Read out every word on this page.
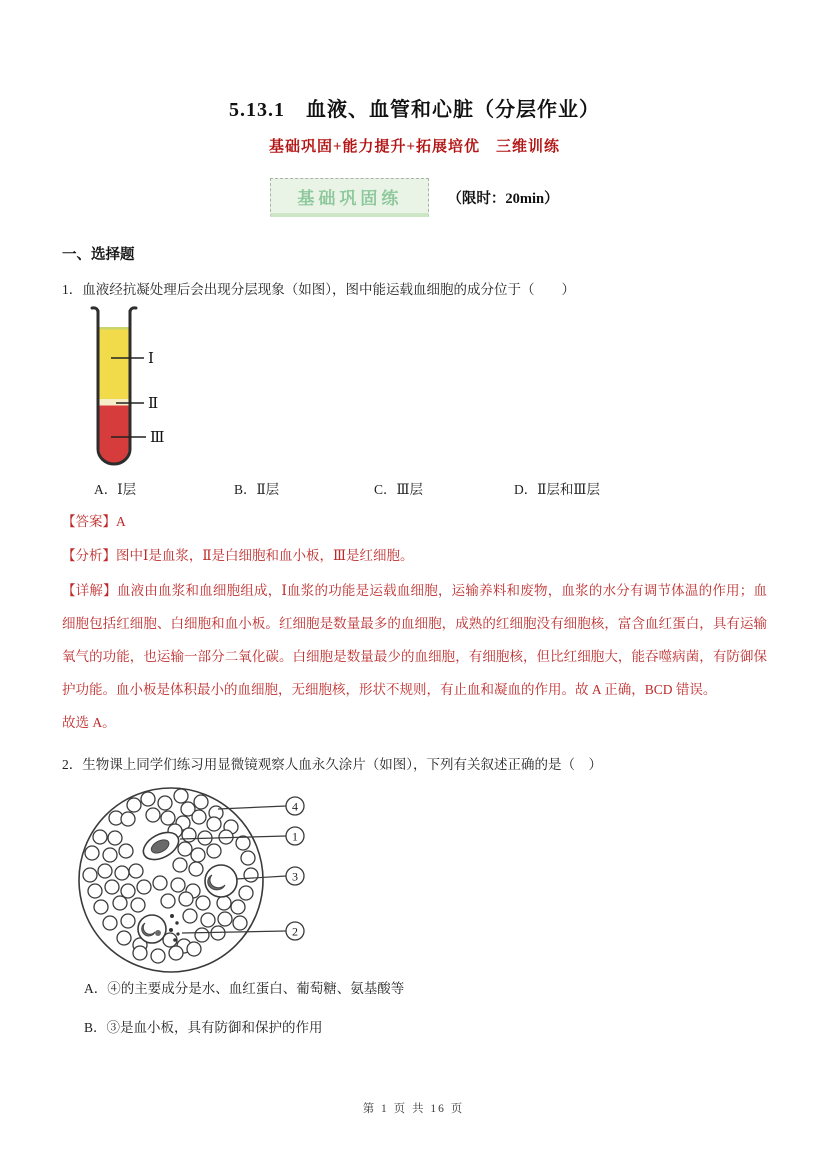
5.13.1　血液、血管和心脏（分层作业）
基础巩固+能力提升+拓展培优　三维训练
基础巩固练	（限时：20min）
一、选择题

1．血液经抗凝处理后会出现分层现象（如图），图中能运载血细胞的成分位于（　　）

Ⅰ
Ⅱ
Ⅲ
A．Ⅰ层	B．Ⅱ层	C．Ⅲ层	D．Ⅱ层和Ⅲ层

【答案】A

【分析】图中Ⅰ是血浆，Ⅱ是白细胞和血小板，Ⅲ是红细胞。

【详解】血液由血浆和血细胞组成，Ⅰ血浆的功能是运载血细胞，运输养料和废物，血浆的水分有调节体温的作用；血细胞包括红细胞、白细胞和血小板。红细胞是数量最多的血细胞，成熟的红细胞没有细胞核，富含血红蛋白，具有运输氧气的功能，也运输一部分二氧化碳。白细胞是数量最少的血细胞，有细胞核，但比红细胞大，能吞噬病菌，有防御保护功能。血小板是体积最小的血细胞，无细胞核，形状不规则，有止血和凝血的作用。故 A 正确，BCD 错误。

故选 A。

2．生物课上同学们练习用显微镜观察人血永久涂片（如图），下列有关叙述正确的是（　）

4
1
3
2

A．④的主要成分是水、血红蛋白、葡萄糖、氨基酸等

B．③是血小板，具有防御和保护的作用

第 1 页 共 16 页
